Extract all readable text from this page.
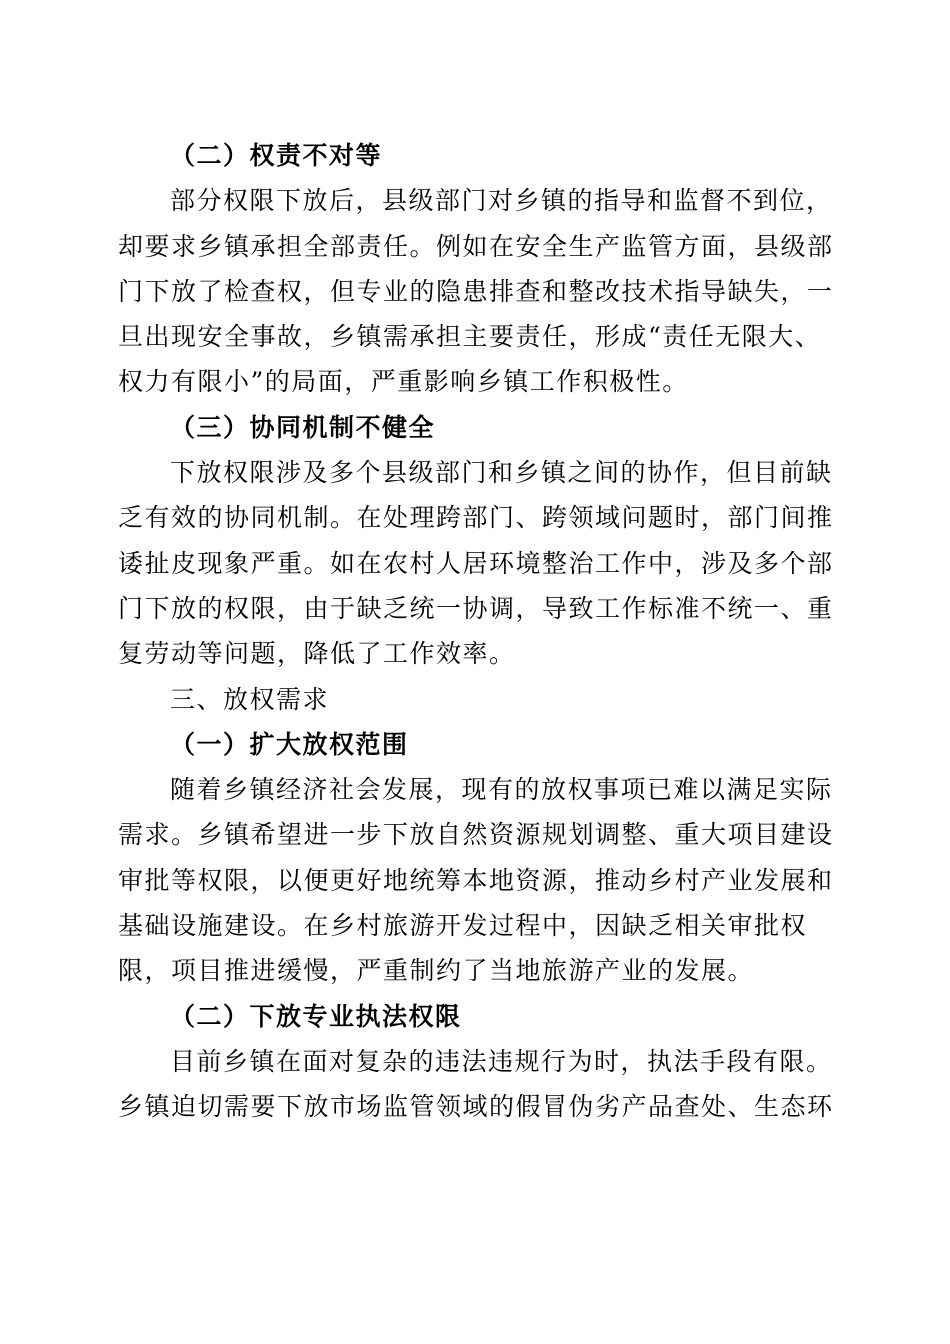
（二）权责不对等
部分权限下放后，县级部门对乡镇的指导和监督不到位，
却要求乡镇承担全部责任。例如在安全生产监管方面，县级部
门下放了检查权，但专业的隐患排查和整改技术指导缺失，一
旦出现安全事故，乡镇需承担主要责任，形成“责任无限大、
权力有限小”的局面，严重影响乡镇工作积极性。
（三）协同机制不健全
下放权限涉及多个县级部门和乡镇之间的协作，但目前缺
乏有效的协同机制。在处理跨部门、跨领域问题时，部门间推
诿扯皮现象严重。如在农村人居环境整治工作中，涉及多个部
门下放的权限，由于缺乏统一协调，导致工作标准不统一、重
复劳动等问题，降低了工作效率。
三、放权需求
（一）扩大放权范围
随着乡镇经济社会发展，现有的放权事项已难以满足实际
需求。乡镇希望进一步下放自然资源规划调整、重大项目建设
审批等权限，以便更好地统筹本地资源，推动乡村产业发展和
基础设施建设。在乡村旅游开发过程中，因缺乏相关审批权
限，项目推进缓慢，严重制约了当地旅游产业的发展。
（二）下放专业执法权限
目前乡镇在面对复杂的违法违规行为时，执法手段有限。
乡镇迫切需要下放市场监管领域的假冒伪劣产品查处、生态环
